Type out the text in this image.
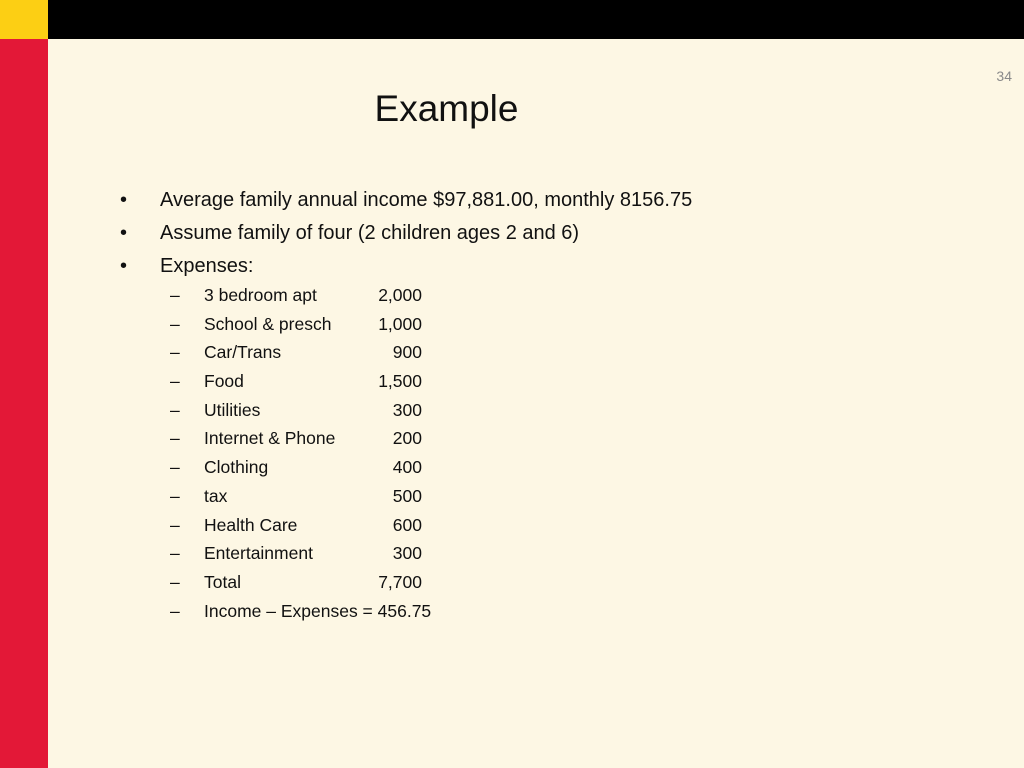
34
Example
• Average family annual income $97,881.00, monthly 8156.75
• Assume family of four (2 children ages 2 and 6)
• Expenses:
– 3 bedroom apt	2,000
– School & presch	1,000
– Car/Trans	900
– Food	1,500
– Utilities	300
– Internet & Phone	200
– Clothing	400
– tax	500
– Health Care	600
– Entertainment	300
– Total	7,700
– Income – Expenses = 456.75
